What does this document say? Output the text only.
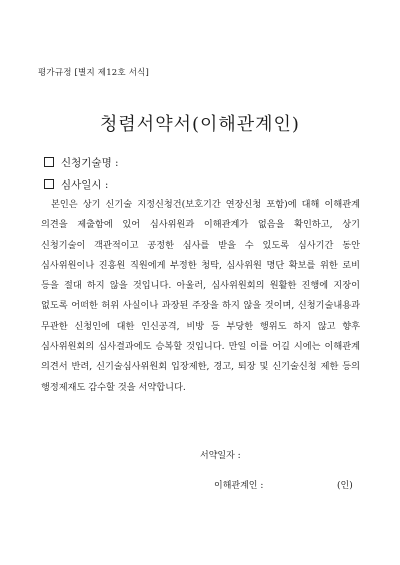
평가규정 [별지 제12호 서식]
청렴서약서(이해관계인)
신청기술명 :
심사일시 :
본인은 상기 신기술 지정신청건(보호기간 연장신청 포함)에 대해 이해관계 의견을 제출함에 있어 심사위원과 이해관계가 없음을 확인하고, 상기 신청기술이 객관적이고 공정한 심사를 받을 수 있도록 심사기간 동안 심사위원이나 진흥원 직원에게 부정한 청탁, 심사위원 명단 확보를 위한 로비 등을 절대 하지 않을 것입니다. 아울러, 심사위원회의 원활한 진행에 지장이 없도록 어떠한 허위 사실이나 과장된 주장을 하지 않을 것이며, 신청기술내용과 무관한 신청인에 대한 인신공격, 비방 등 부당한 행위도 하지 않고 향후 심사위원회의 심사결과에도 승복할 것입니다. 만일 이를 어길 시에는 이해관계 의견서 반려, 신기술심사위원회 입장제한, 경고, 퇴장 및 신기술신청 제한 등의 행정제재도 감수할 것을 서약합니다.
서약일자 :
이해관계인 :	(인)
